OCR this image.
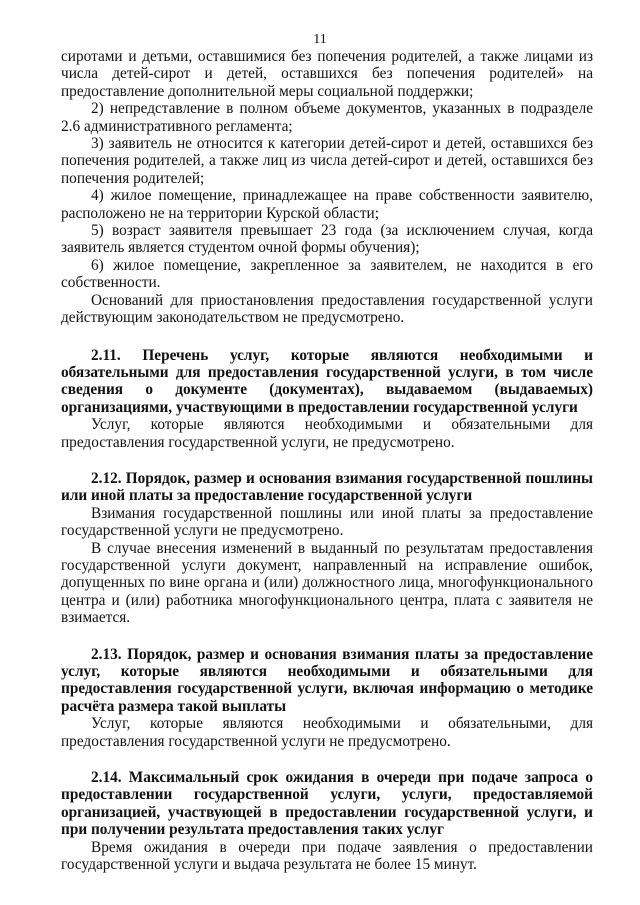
11

сиротами и детьми, оставшимися без попечения родителей, а также лицами из числа детей-сирот и детей, оставшихся без попечения родителей» на предоставление дополнительной меры социальной поддержки;

2) непредставление в полном объеме документов, указанных в подразделе 2.6 административного регламента;

3) заявитель не относится к категории детей-сирот и детей, оставшихся без попечения родителей, а также лиц из числа детей-сирот и детей, оставшихся без попечения родителей;

4) жилое помещение, принадлежащее на праве собственности заявителю, расположено не на территории Курской области;

5) возраст заявителя превышает 23 года (за исключением случая, когда заявитель является студентом очной формы обучения);

6) жилое помещение, закрепленное за заявителем, не находится в его собственности.

Оснований для приостановления предоставления государственной услуги действующим законодательством не предусмотрено.

2.11. Перечень услуг, которые являются необходимыми и обязательными для предоставления государственной услуги, в том числе сведения о документе (документах), выдаваемом (выдаваемых) организациями, участвующими в предоставлении государственной услуги

Услуг, которые являются необходимыми и обязательными для предоставления государственной услуги, не предусмотрено.

2.12. Порядок, размер и основания взимания государственной пошлины или иной платы за предоставление государственной услуги

Взимания государственной пошлины или иной платы за предоставление государственной услуги не предусмотрено.

В случае внесения изменений в выданный по результатам предоставления государственной услуги документ, направленный на исправление ошибок, допущенных по вине органа и (или) должностного лица, многофункционального центра и (или) работника многофункционального центра, плата с заявителя не взимается.

2.13. Порядок, размер и основания взимания платы за предоставление услуг, которые являются необходимыми и обязательными для предоставления государственной услуги, включая информацию о методике расчёта размера такой выплаты

Услуг, которые являются необходимыми и обязательными, для предоставления государственной услуги не предусмотрено.

2.14. Максимальный срок ожидания в очереди при подаче запроса о предоставлении государственной услуги, услуги, предоставляемой организацией, участвующей в предоставлении государственной услуги, и при получении результата предоставления таких услуг

Время ожидания в очереди при подаче заявления о предоставлении государственной услуги и выдача результата не более 15 минут.
